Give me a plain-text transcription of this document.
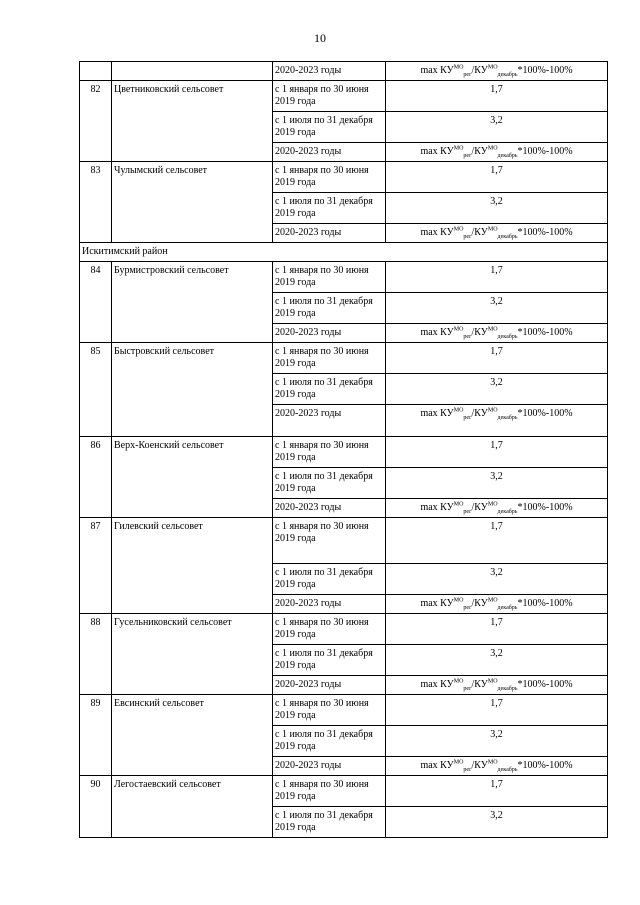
10
		2020-2023 годы	$\max КУ^{МО}_{рег}/КУ^{МО}_{декабрь}*100\%-100\%$
82	Цветниковский сельсовет	с 1 января по 30 июня 2019 года	1,7
		с 1 июля по 31 декабря 2019 года	3,2
		2020-2023 годы	$\max КУ^{МО}_{рег}/КУ^{МО}_{декабрь}*100\%-100\%$
83	Чулымский сельсовет	с 1 января по 30 июня 2019 года	1,7
		с 1 июля по 31 декабря 2019 года	3,2
		2020-2023 годы	$\max КУ^{МО}_{рег}/КУ^{МО}_{декабрь}*100\%-100\%$
Искитимский район			
84	Бурмистровский сельсовет	с 1 января по 30 июня 2019 года	1,7
		с 1 июля по 31 декабря 2019 года	3,2
		2020-2023 годы	$\max КУ^{МО}_{рег}/КУ^{МО}_{декабрь}*100\%-100\%$
85	Быстровский сельсовет	с 1 января по 30 июня 2019 года	1,7
		с 1 июля по 31 декабря 2019 года	3,2
		2020-2023 годы	$\max КУ^{МО}_{рег}/КУ^{МО}_{декабрь}*100\%-100\%$
86	Верх-Коенский сельсовет	с 1 января по 30 июня 2019 года	1,7
		с 1 июля по 31 декабря 2019 года	3,2
		2020-2023 годы	$\max КУ^{МО}_{рег}/КУ^{МО}_{декабрь}*100\%-100\%$
87	Гилевский сельсовет	с 1 января по 30 июня 2019 года	1,7
		с 1 июля по 31 декабря 2019 года	3,2
		2020-2023 годы	$\max КУ^{МО}_{рег}/КУ^{МО}_{декабрь}*100\%-100\%$
88	Гусельниковский сельсовет	с 1 января по 30 июня 2019 года	1,7
		с 1 июля по 31 декабря 2019 года	3,2
		2020-2023 годы	$\max КУ^{МО}_{рег}/КУ^{МО}_{декабрь}*100\%-100\%$
89	Евсинский сельсовет	с 1 января по 30 июня 2019 года	1,7
		с 1 июля по 31 декабря 2019 года	3,2
		2020-2023 годы	$\max КУ^{МО}_{рег}/КУ^{МО}_{декабрь}*100\%-100\%$
90	Легостаевский сельсовет	с 1 января по 30 июня 2019 года	1,7
		с 1 июля по 31 декабря 2019 года	3,2
